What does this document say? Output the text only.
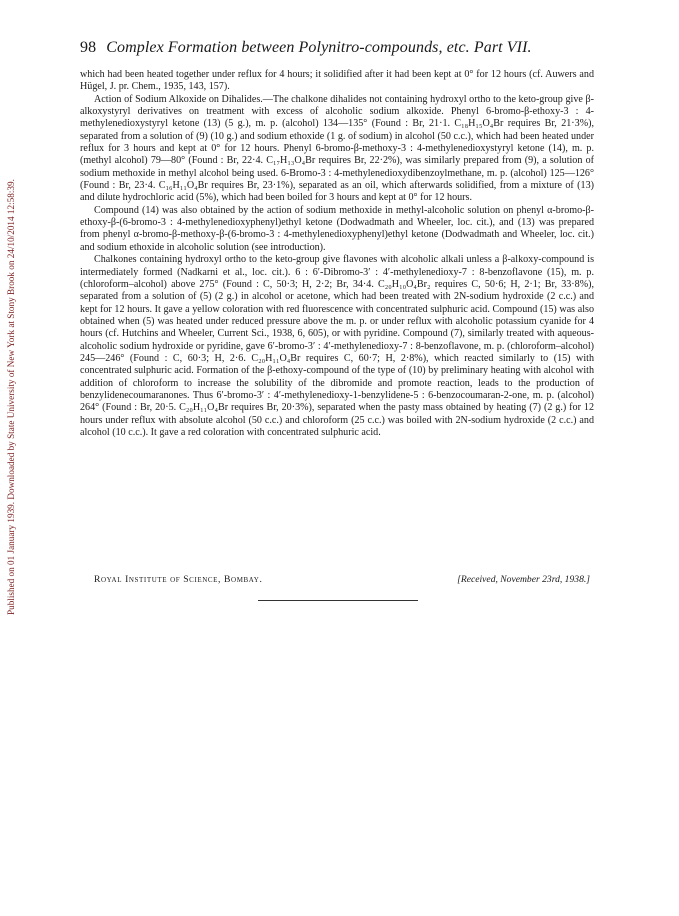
Published on 01 January 1939. Downloaded by State University of New York at Stony Brook on 24/10/2014 12:58:39.
98 Complex Formation between Polynitro-compounds, etc. Part VII.

which had been heated together under reflux for 4 hours; it solidified after it had been kept at 0° for 12 hours (cf. Auwers and Hügel, J. pr. Chem., 1935, 143, 157).

Action of Sodium Alkoxide on Dihalides.—The chalkone dihalides not containing hydroxyl ortho to the keto-group give β-alkoxystyryl derivatives on treatment with excess of alcoholic sodium alkoxide. Phenyl 6-bromo-β-ethoxy-3 : 4-methylenedioxystyryl ketone (13) (5 g.), m. p. (alcohol) 134—135° (Found : Br, 21·1. C₁₈H₁₅O₄Br requires Br, 21·3%), separated from a solution of (9) (10 g.) and sodium ethoxide (1 g. of sodium) in alcohol (50 c.c.), which had been heated under reflux for 3 hours and kept at 0° for 12 hours. Phenyl 6-bromo-β-methoxy-3 : 4-methylenedioxystyryl ketone (14), m. p. (methyl alcohol) 79—80° (Found : Br, 22·4. C₁₇H₁₃O₄Br requires Br, 22·2%), was similarly prepared from (9), a solution of sodium methoxide in methyl alcohol being used. 6-Bromo-3 : 4-methylenedioxydibenzoylmethane, m. p. (alcohol) 125—126° (Found : Br, 23·4. C₁₆H₁₁O₄Br requires Br, 23·1%), separated as an oil, which afterwards solidified, from a mixture of (13) and dilute hydrochloric acid (5%), which had been boiled for 3 hours and kept at 0° for 12 hours.

Compound (14) was also obtained by the action of sodium methoxide in methyl-alcoholic solution on phenyl α-bromo-β-ethoxy-β-(6-bromo-3 : 4-methylenedioxyphenyl)ethyl ketone (Dodwadmath and Wheeler, loc. cit.), and (13) was prepared from phenyl α-bromo-β-methoxy-β-(6-bromo-3 : 4-methylenedioxyphenyl)ethyl ketone (Dodwadmath and Wheeler, loc. cit.) and sodium ethoxide in alcoholic solution (see introduction).

Chalkones containing hydroxyl ortho to the keto-group give flavones with alcoholic alkali unless a β-alkoxy-compound is intermediately formed (Nadkarni et al., loc. cit.). 6 : 6′-Dibromo-3′ : 4′-methylenedioxy-7 : 8-benzoflavone (15), m. p. (chloroform–alcohol) above 275° (Found : C, 50·3; H, 2·2; Br, 34·4. C₂₀H₁₀O₄Br₂ requires C, 50·6; H, 2·1; Br, 33·8%), separated from a solution of (5) (2 g.) in alcohol or acetone, which had been treated with 2N-sodium hydroxide (2 c.c.) and kept for 12 hours. It gave a yellow coloration with red fluorescence with concentrated sulphuric acid. Compound (15) was also obtained when (5) was heated under reduced pressure above the m. p. or under reflux with alcoholic potassium cyanide for 4 hours (cf. Hutchins and Wheeler, Current Sci., 1938, 6, 605), or with pyridine. Compound (7), similarly treated with aqueous-alcoholic sodium hydroxide or pyridine, gave 6′-bromo-3′ : 4′-methylenedioxy-7 : 8-benzoflavone, m. p. (chloroform–alcohol) 245—246° (Found : C, 60·3; H, 2·6. C₂₀H₁₁O₄Br requires C, 60·7; H, 2·8%), which reacted similarly to (15) with concentrated sulphuric acid. Formation of the β-ethoxy-compound of the type of (10) by preliminary heating with alcohol with addition of chloroform to increase the solubility of the dibromide and promote reaction, leads to the production of benzylidenecoumaranones. Thus 6′-bromo-3′ : 4′-methylenedioxy-1-benzylidene-5 : 6-benzocoumaran-2-one, m. p. (alcohol) 264° (Found : Br, 20·5. C₂₀H₁₁O₄Br requires Br, 20·3%), separated when the pasty mass obtained by heating (7) (2 g.) for 12 hours under reflux with absolute alcohol (50 c.c.) and chloroform (25 c.c.) was boiled with 2N-sodium hydroxide (2 c.c.) and alcohol (10 c.c.). It gave a red coloration with concentrated sulphuric acid.

Royal Institute of Science, Bombay.	[Received, November 23rd, 1938.]
